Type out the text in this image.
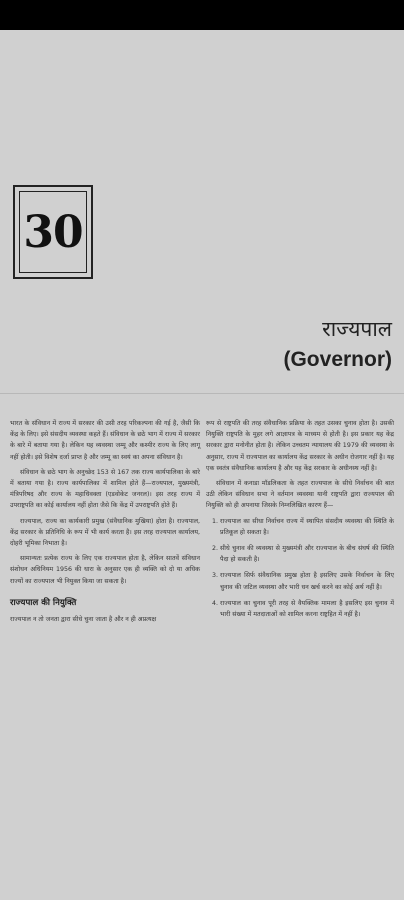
30
राज्यपाल
(Governor)

भारत के संविधान में राज्य में सरकार की उसी तरह परिकल्पना की गई है, जैसी कि केंद्र के लिए। इसे संसदीय व्यवस्था कहते हैं। संविधान के छठे भाग में राज्य में सरकार के बारे में बताया गया है। लेकिन यह व्यवस्था जम्मू और कश्मीर राज्य के लिए लागू नहीं होती। इसे विशेष दर्जा प्राप्त है और जम्मू का स्वयं का अपना संविधान है।

संविधान के छठे भाग के अनुच्छेद 153 से 167 तक राज्य कार्यपालिका के बारे में बताया गया है। राज्य कार्यपालिका में शामिल होते हैं—राज्यपाल, मुख्यमंत्री, मंत्रिपरिषद और राज्य के महाधिवक्ता (एडवोकेट जनरल)। इस तरह राज्य में उपराष्ट्रपति का कोई कार्यालय नहीं होता जैसे कि केंद्र में उपराष्ट्रपति होते हैं।

राज्यपाल, राज्य का कार्यकारी प्रमुख (संवैधानिक मुखिया) होता है। राज्यपाल, केंद्र सरकार के प्रतिनिधि के रूप में भी कार्य करता है। इस तरह राज्यपाल कार्यालय, दोहरी भूमिका निभाता है।

सामान्यतः प्रत्येक राज्य के लिए एक राज्यपाल होता है, लेकिन सातवें संविधान संशोधन अधिनियम 1956 की धारा के अनुसार एक ही व्यक्ति को दो या अधिक राज्यों का राज्यपाल भी नियुक्त किया जा सकता है।

राज्यपाल की नियुक्ति

राज्यपाल न तो जनता द्वारा सीधे चुना जाता है और न ही अप्रत्यक्ष

रूप से राष्ट्रपति की तरह संवैधानिक प्रक्रिया के तहत उसका चुनाव होता है। उसकी नियुक्ति राष्ट्रपति के मुहर लगे आज्ञापत्र के माध्यम से होती है। इस प्रकार यह केंद्र सरकार द्वारा मनोनीत होता है। लेकिन उच्चतम न्यायालय की 1979 की व्यवस्था के अनुसार, राज्य में राज्यपाल का कार्यालय केंद्र सरकार के अधीन रोजगार नहीं है। यह एक स्वतंत्र संवैधानिक कार्यालय है और यह केंद्र सरकार के अधीनस्थ नहीं है।

संविधान में कनाडा मॉडलिकता के तहत राज्यपाल के सीधे निर्वाचन की बात उठी लेकिन संविधान सभा ने वर्तमान व्यवस्था यानी राष्ट्रपति द्वारा राज्यपाल की नियुक्ति को ही अपनाया जिसके निम्नलिखित कारण हैं—

1. राज्यपाल का सीधा निर्वाचन राज्य में स्थापित संसदीय व्यवस्था की स्थिति के प्रतिकूल हो सकता है।
2. सीधे चुनाव की व्यवस्था से मुख्यमंत्री और राज्यपाल के बीच संघर्ष की स्थिति पैदा हो सकती है।
3. राज्यपाल सिर्फ संवैधानिक प्रमुख होता है इसलिए उसके निर्वाचन के लिए चुनाव की जटिल व्यवस्था और भारी धन खर्च करने का कोई अर्थ नहीं है।
4. राज्यपाल का चुनाव पूरी तरह से वैयक्तिक मामला है इसलिए इस चुनाव में भारी संख्या में मतदाताओं को शामिल करना राष्ट्रहित में नहीं है।
